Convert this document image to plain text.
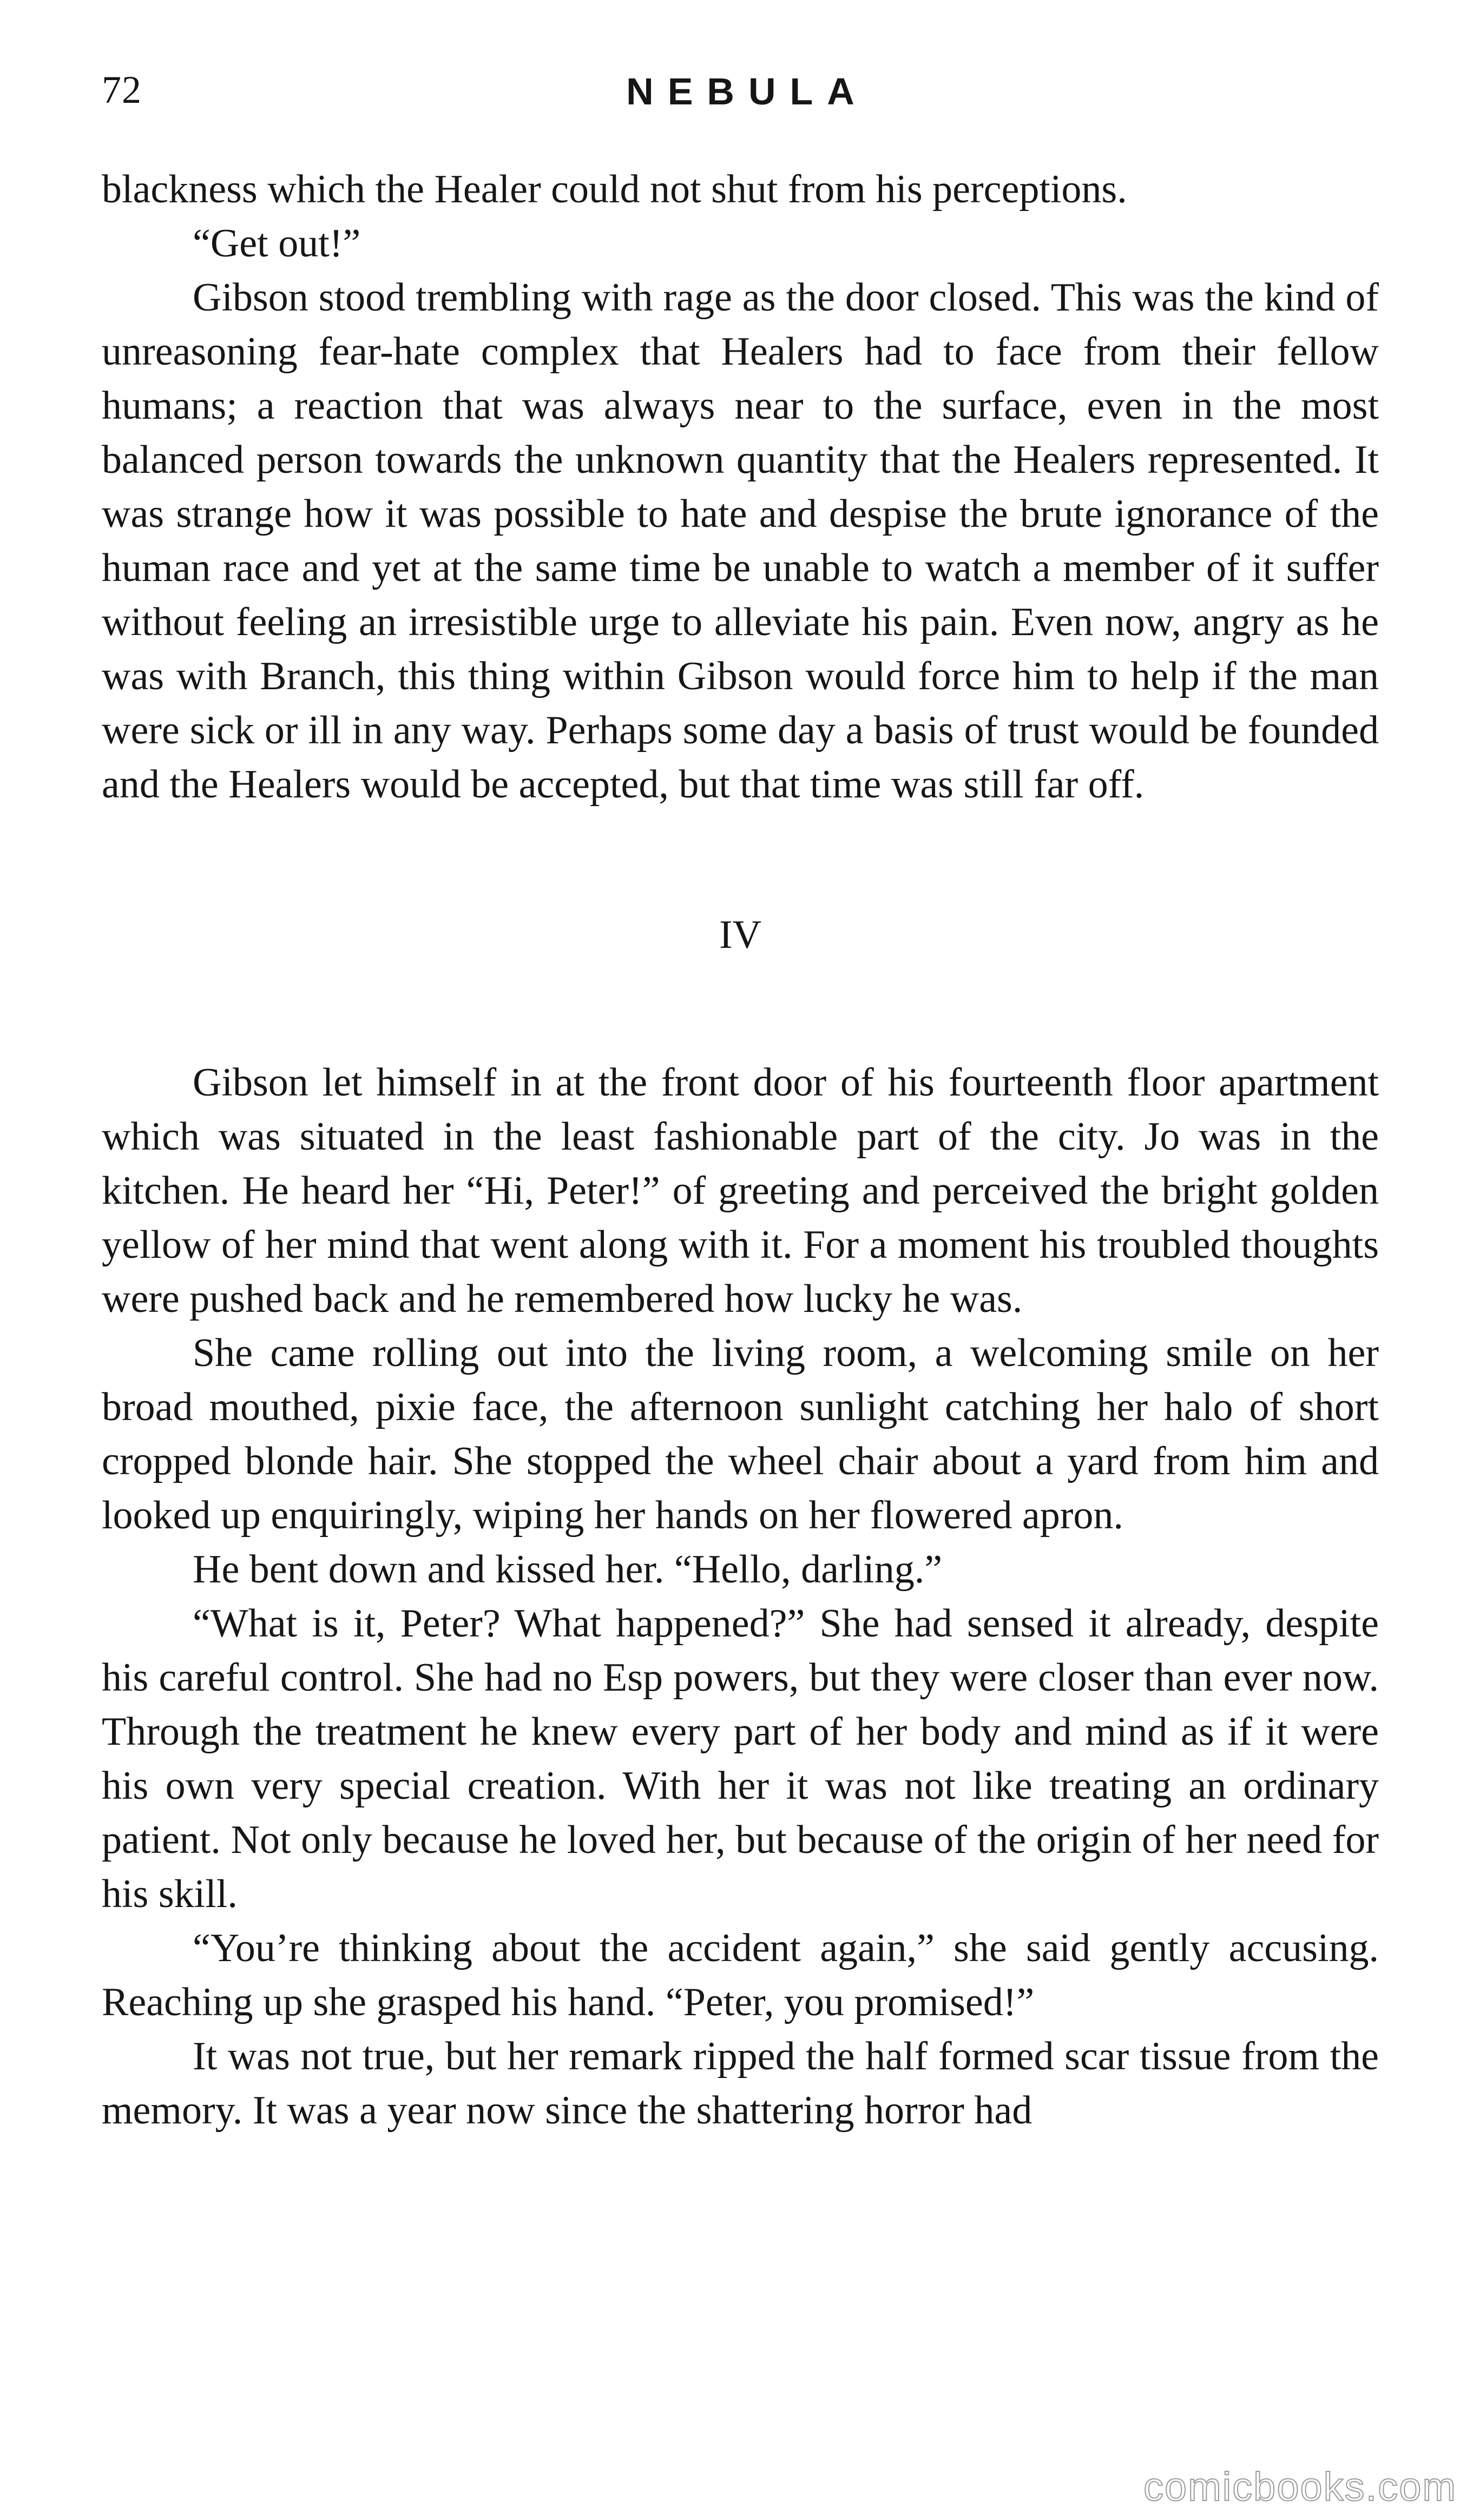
72	NEBULA

blackness which the Healer could not shut from his perceptions.

“Get out!”

Gibson stood trembling with rage as the door closed. This was the kind of unreasoning fear-hate complex that Healers had to face from their fellow humans; a reaction that was always near to the surface, even in the most balanced person towards the unknown quantity that the Healers represented. It was strange how it was possible to hate and despise the brute ignorance of the human race and yet at the same time be unable to watch a member of it suffer without feeling an irresistible urge to alleviate his pain. Even now, angry as he was with Branch, this thing within Gibson would force him to help if the man were sick or ill in any way. Perhaps some day a basis of trust would be founded and the Healers would be accepted, but that time was still far off.

IV

Gibson let himself in at the front door of his fourteenth floor apartment which was situated in the least fashionable part of the city. Jo was in the kitchen. He heard her “Hi, Peter!” of greeting and perceived the bright golden yellow of her mind that went along with it. For a moment his troubled thoughts were pushed back and he remembered how lucky he was.

She came rolling out into the living room, a welcoming smile on her broad mouthed, pixie face, the afternoon sunlight catching her halo of short cropped blonde hair. She stopped the wheel chair about a yard from him and looked up enquiringly, wiping her hands on her flowered apron.

He bent down and kissed her. “Hello, darling.”

“What is it, Peter? What happened?” She had sensed it already, despite his careful control. She had no Esp powers, but they were closer than ever now. Through the treatment he knew every part of her body and mind as if it were his own very special creation. With her it was not like treating an ordinary patient. Not only because he loved her, but because of the origin of her need for his skill.

“You’re thinking about the accident again,” she said gently accusing. Reaching up she grasped his hand. “Peter, you promised!”

It was not true, but her remark ripped the half formed scar tissue from the memory. It was a year now since the shattering horror had

comicbooks.com
